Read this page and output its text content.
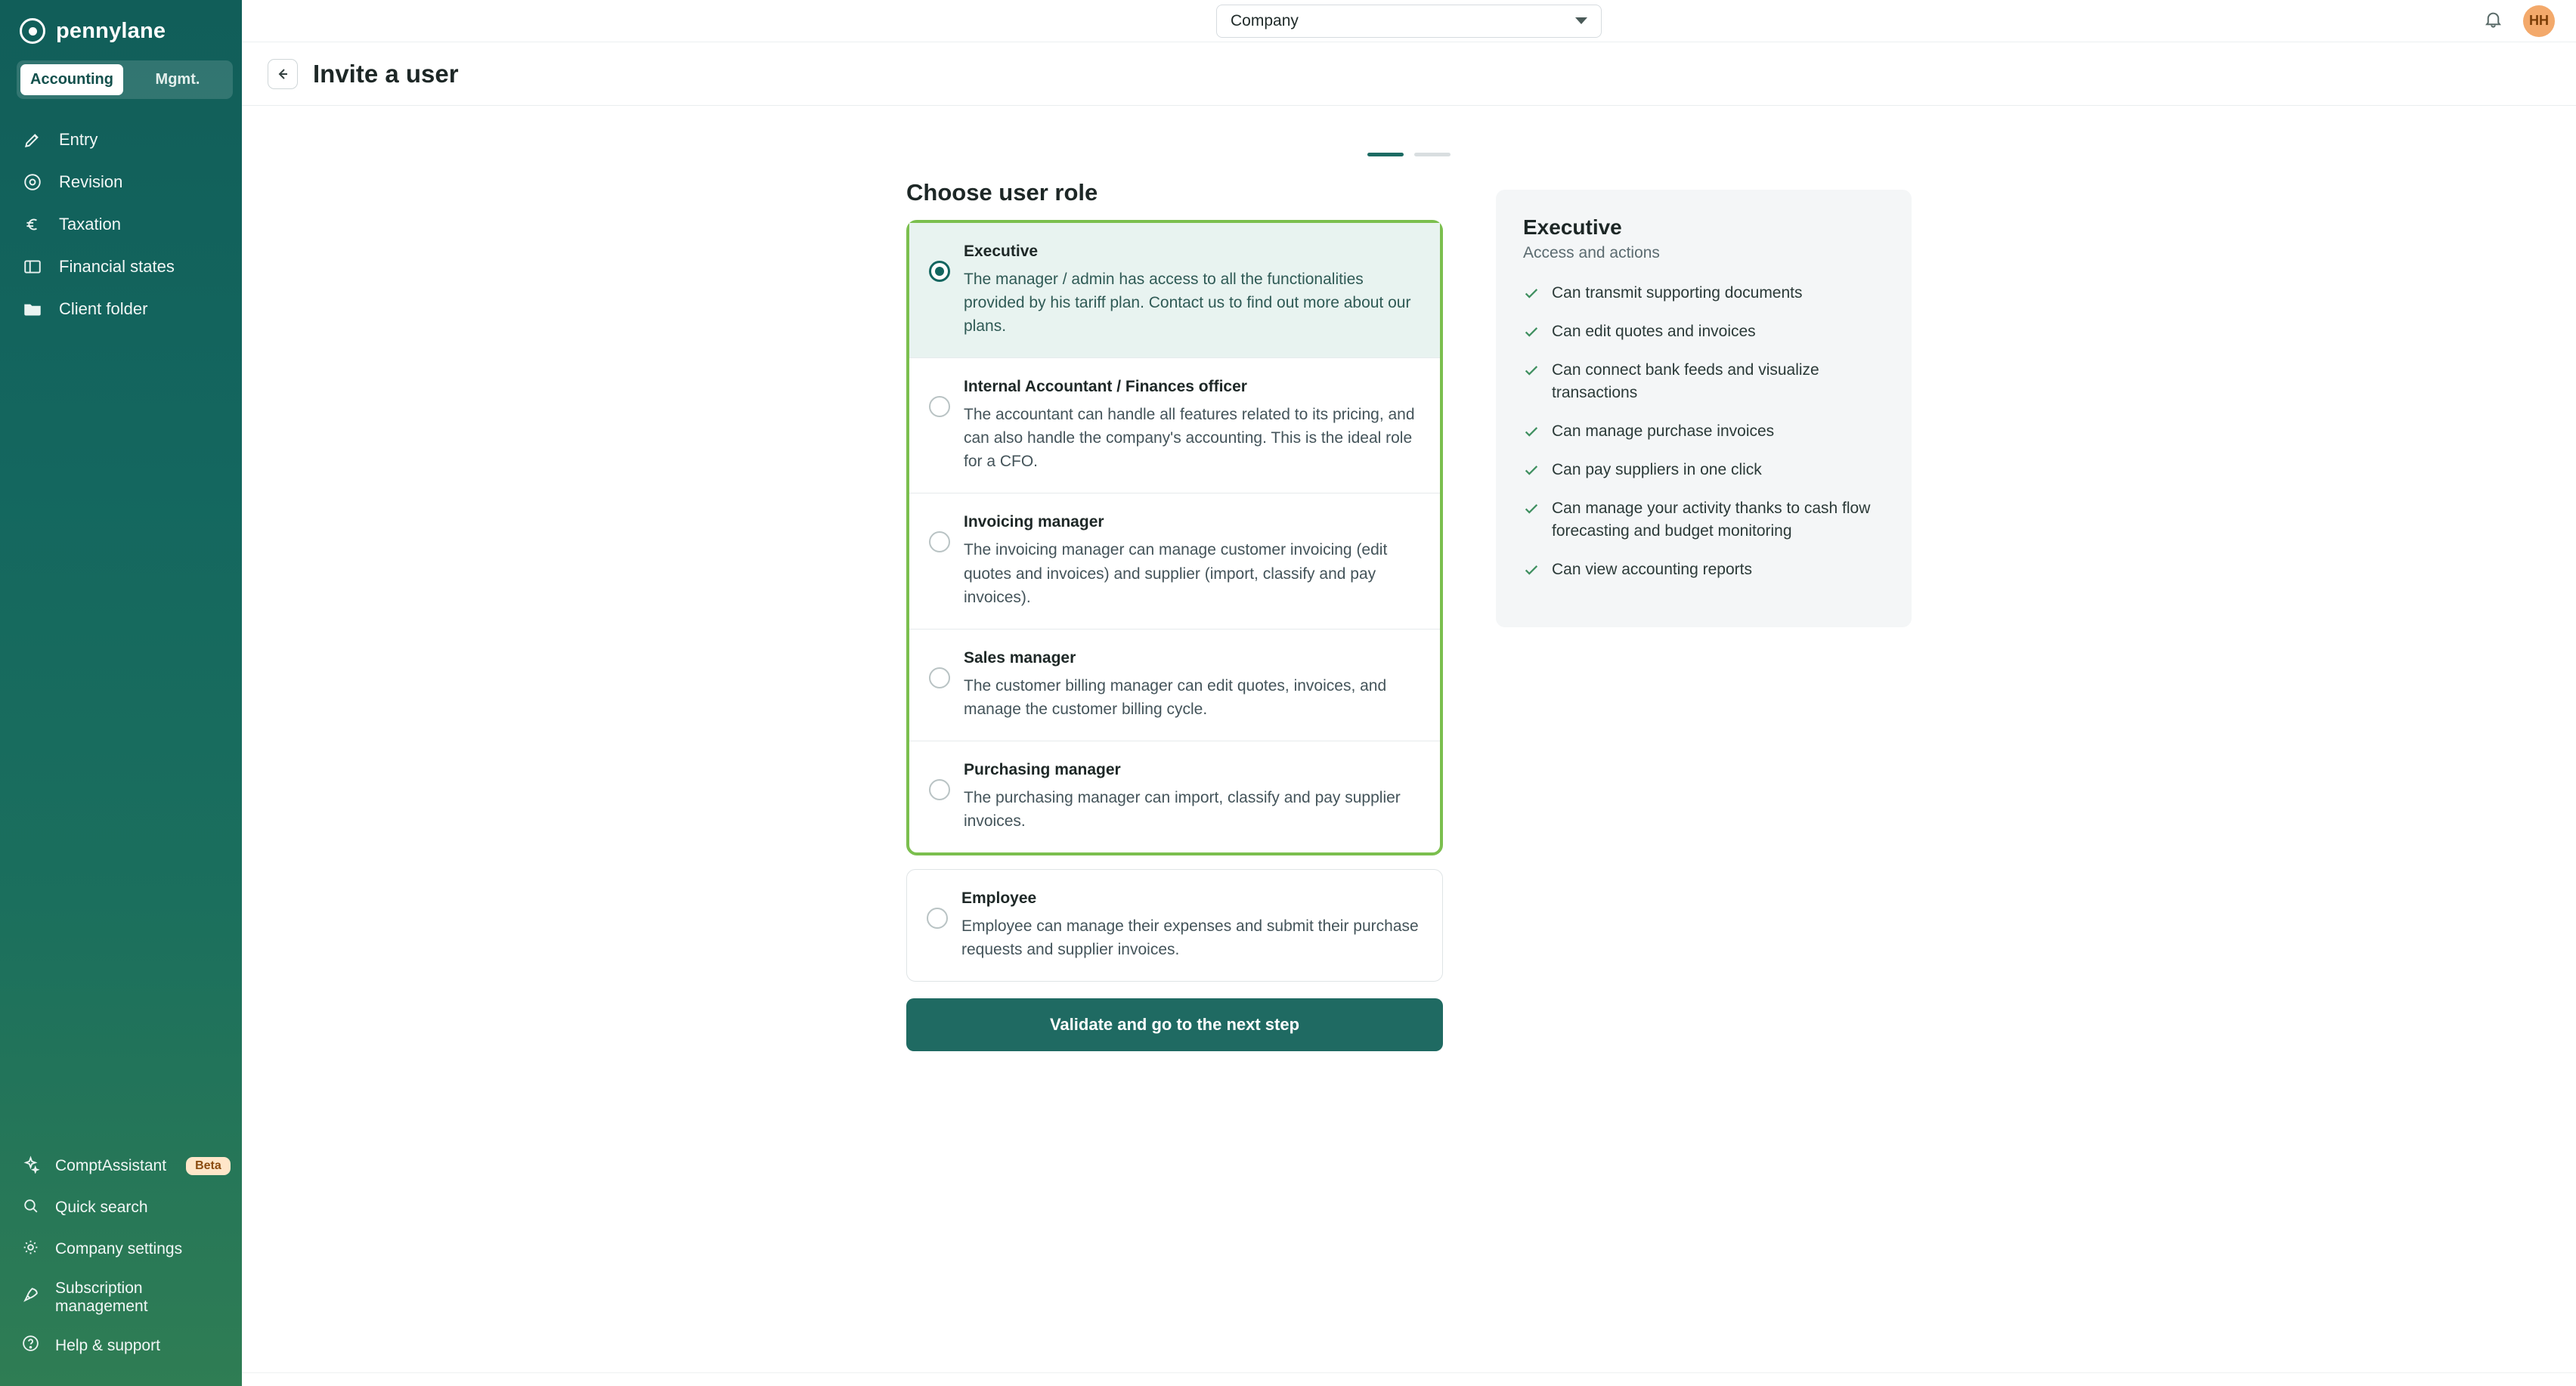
pennylane
Accounting	Mgmt.
Entry
Revision
Taxation
Financial states
Client folder
ComptAssistant	Beta
Quick search
Company settings
Subscription management
Help & support
Company	HH
Invite a user
Choose user role
Executive
The manager / admin has access to all the functionalities provided by his tariff plan. Contact us to find out more about our plans.
Internal Accountant / Finances officer
The accountant can handle all features related to its pricing, and can also handle the company's accounting. This is the ideal role for a CFO.
Invoicing manager
The invoicing manager can manage customer invoicing (edit quotes and invoices) and supplier (import, classify and pay invoices).
Sales manager
The customer billing manager can edit quotes, invoices, and manage the customer billing cycle.
Purchasing manager
The purchasing manager can import, classify and pay supplier invoices.
Employee
Employee can manage their expenses and submit their purchase requests and supplier invoices.
Validate and go to the next step
Executive
Access and actions
Can transmit supporting documents
Can edit quotes and invoices
Can connect bank feeds and visualize transactions
Can manage purchase invoices
Can pay suppliers in one click
Can manage your activity thanks to cash flow forecasting and budget monitoring
Can view accounting reports
